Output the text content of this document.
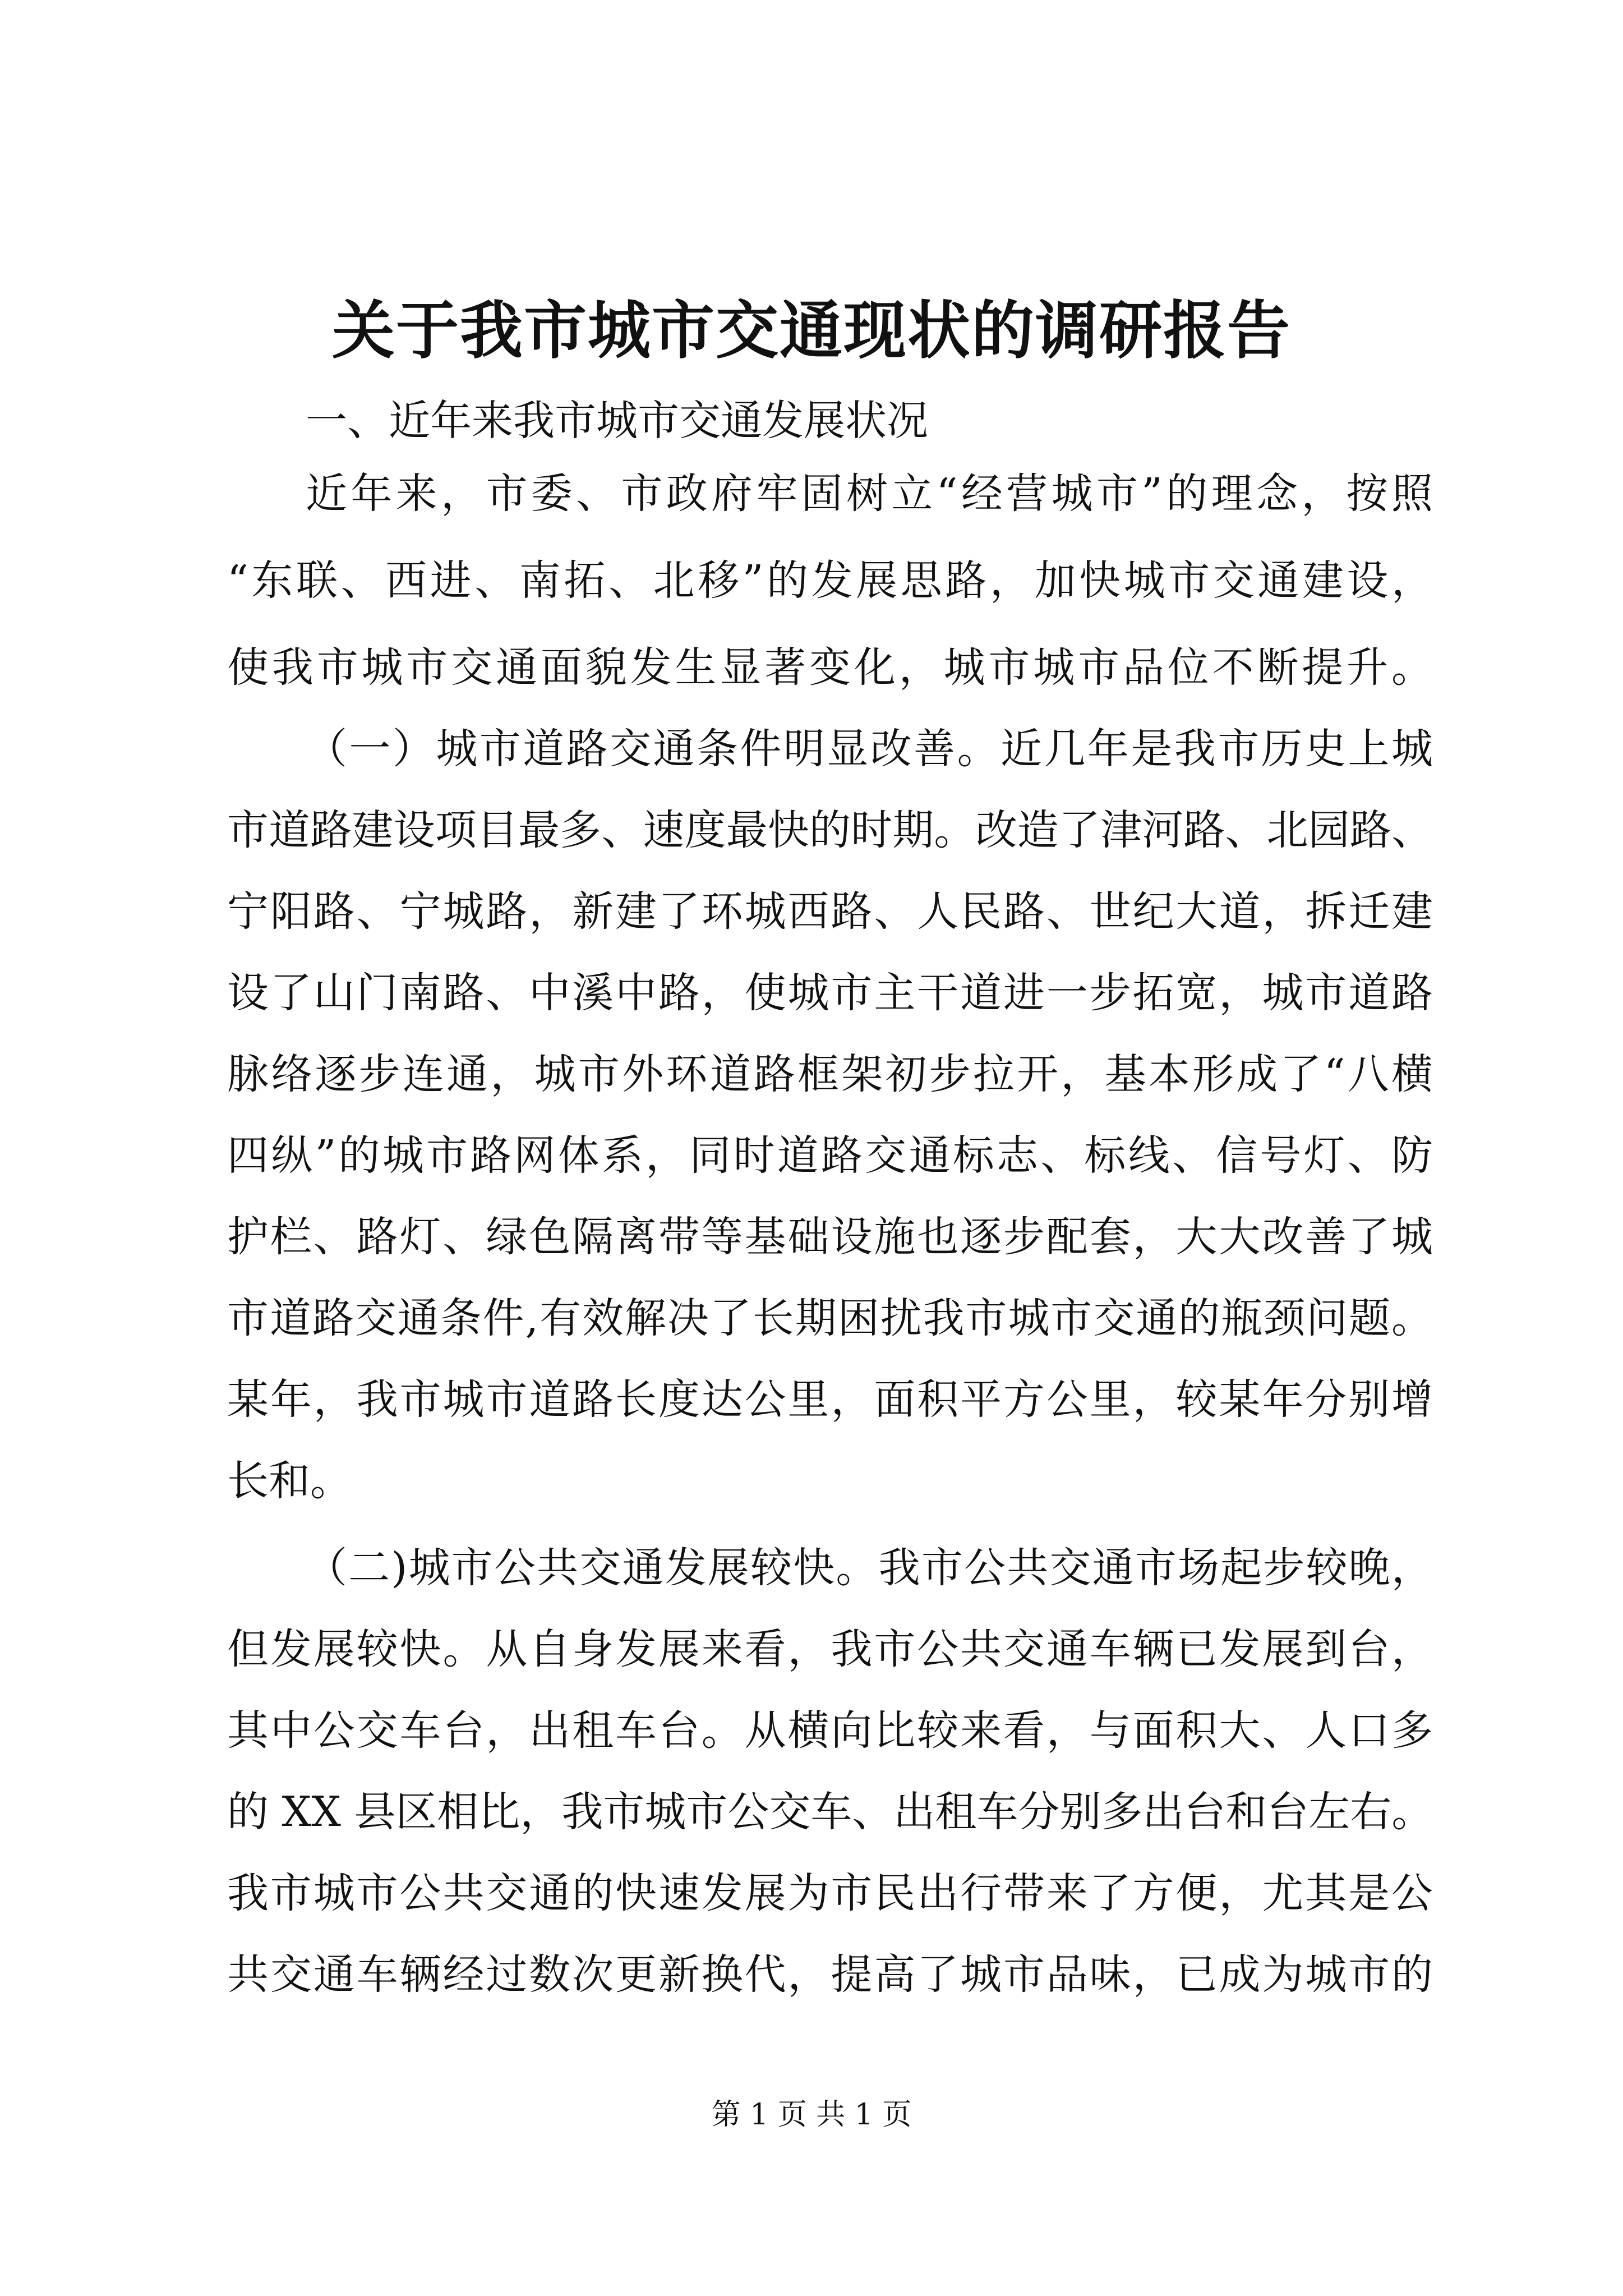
关于我市城市交通现状的调研报告
一、近年来我市城市交通发展状况
近年来，市委、市政府牢固树立“经营城市”的理念，按照
“东联、西进、南拓、北移”的发展思路，加快城市交通建设，
使我市城市交通面貌发生显著变化，城市城市品位不断提升。
（一）城市道路交通条件明显改善。近几年是我市历史上城
市道路建设项目最多、速度最快的时期。改造了津河路、北园路、
宁阳路、宁城路，新建了环城西路、人民路、世纪大道，拆迁建
设了山门南路、中溪中路，使城市主干道进一步拓宽，城市道路
脉络逐步连通，城市外环道路框架初步拉开，基本形成了“八横
四纵”的城市路网体系，同时道路交通标志、标线、信号灯、防
护栏、路灯、绿色隔离带等基础设施也逐步配套，大大改善了城
市道路交通条件,有效解决了长期困扰我市城市交通的瓶颈问题。
某年，我市城市道路长度达公里，面积平方公里，较某年分别增
长和。
（二)城市公共交通发展较快。我市公共交通市场起步较晚，
但发展较快。从自身发展来看，我市公共交通车辆已发展到台，
其中公交车台，出租车台。从横向比较来看，与面积大、人口多
的 XX 县区相比，我市城市公交车、出租车分别多出台和台左右。
我市城市公共交通的快速发展为市民出行带来了方便，尤其是公
共交通车辆经过数次更新换代，提高了城市品味，已成为城市的
第 1 页 共 1 页
